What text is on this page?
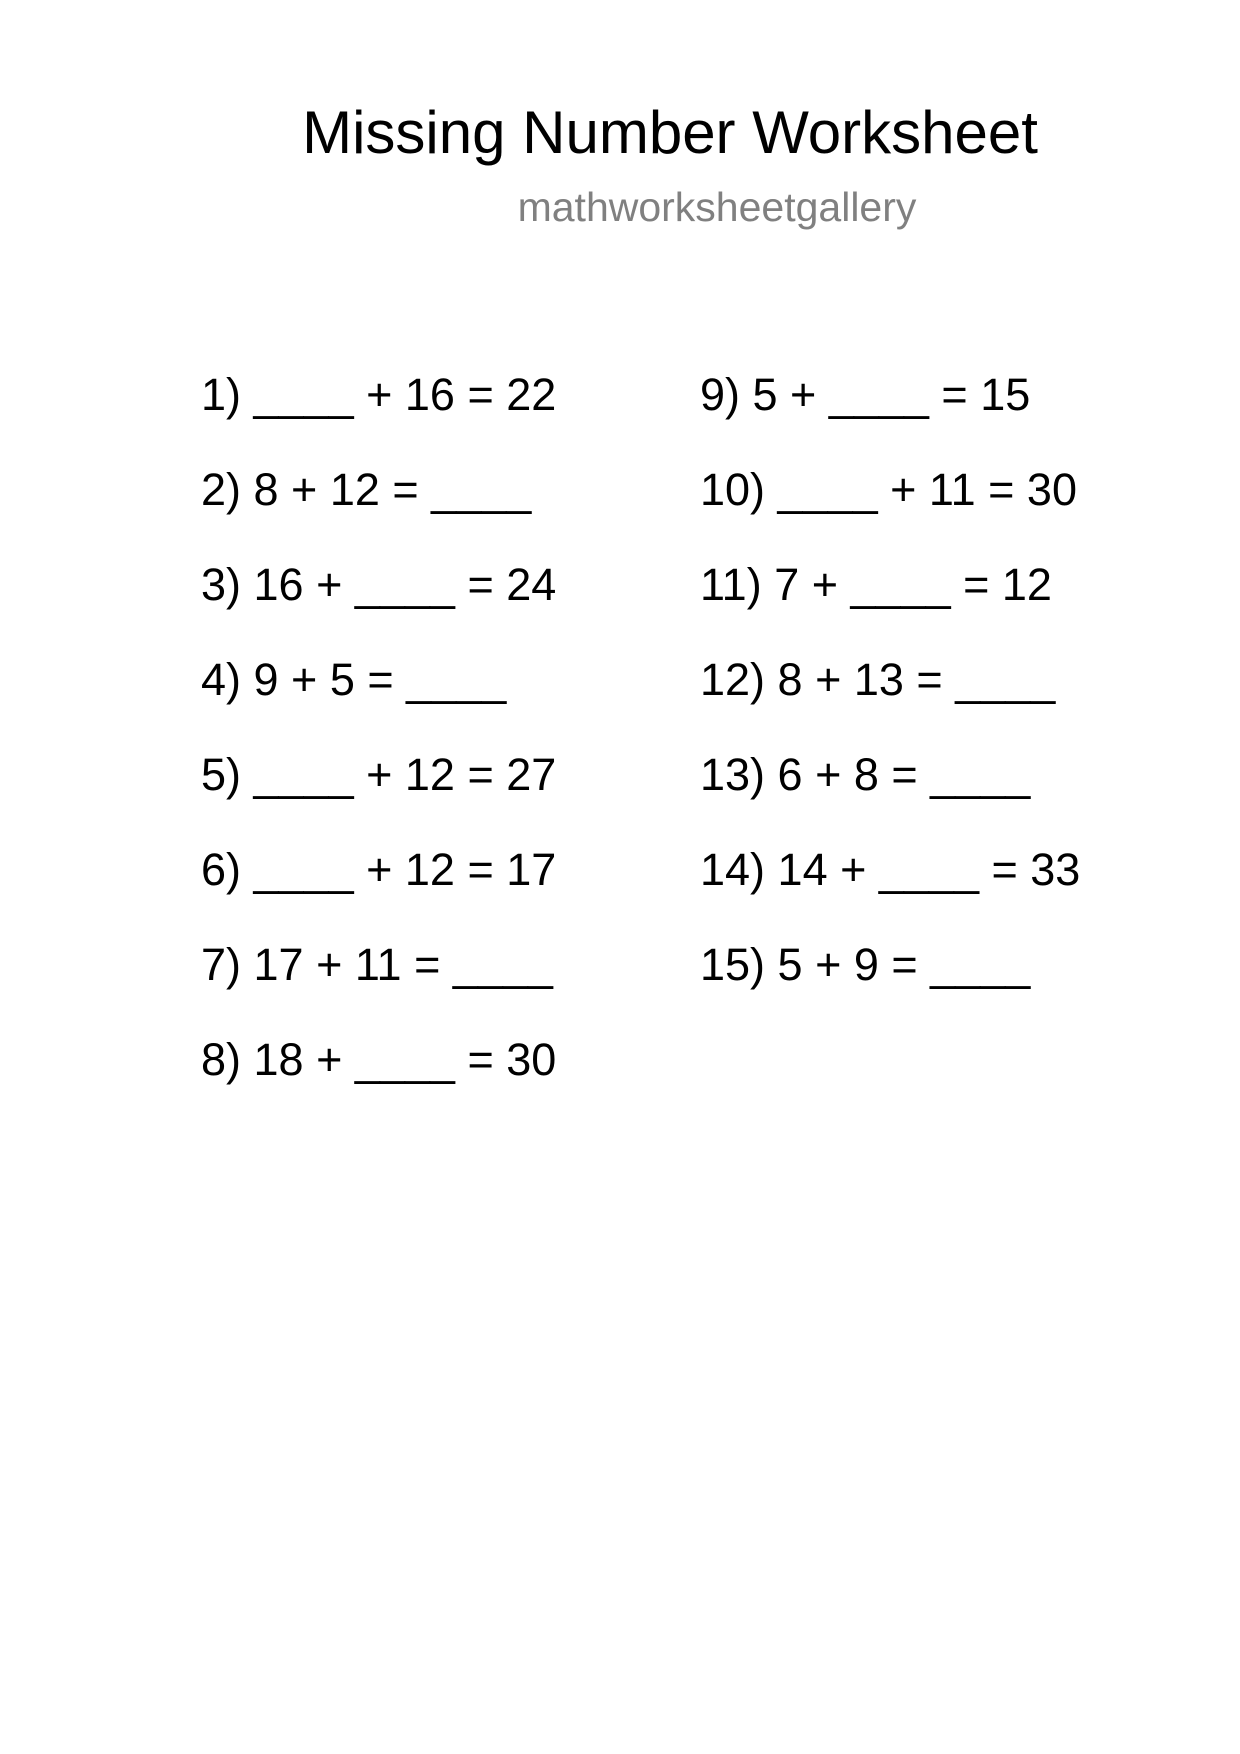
Missing Number Worksheet
mathworksheetgallery
1) ____ + 16 = 22
2) 8 + 12 = ____
3) 16 + ____ = 24
4) 9 + 5 = ____
5) ____ + 12 = 27
6) ____ + 12 = 17
7) 17 + 11 = ____
8) 18 + ____ = 30
9) 5 + ____ = 15
10) ____ + 11 = 30
11) 7 + ____ = 12
12) 8 + 13 = ____
13) 6 + 8 = ____
14) 14 + ____ = 33
15) 5 + 9 = ____
